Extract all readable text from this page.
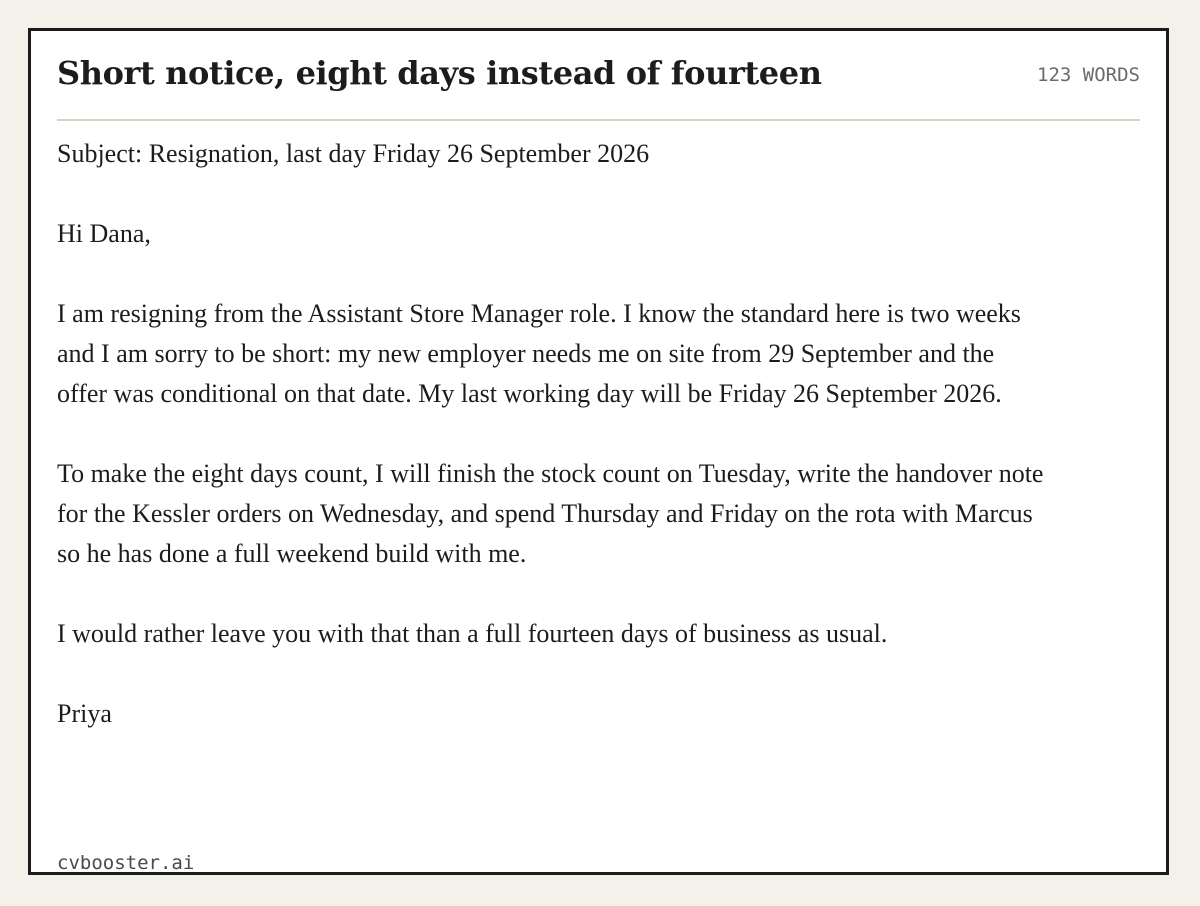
Short notice, eight days instead of fourteen	123 WORDS

Subject: Resignation, last day Friday 26 September 2026

Hi Dana,

I am resigning from the Assistant Store Manager role. I know the standard here is two weeks and I am sorry to be short: my new employer needs me on site from 29 September and the offer was conditional on that date. My last working day will be Friday 26 September 2026.

To make the eight days count, I will finish the stock count on Tuesday, write the handover note for the Kessler orders on Wednesday, and spend Thursday and Friday on the rota with Marcus so he has done a full weekend build with me.

I would rather leave you with that than a full fourteen days of business as usual.

Priya

cvbooster.ai
